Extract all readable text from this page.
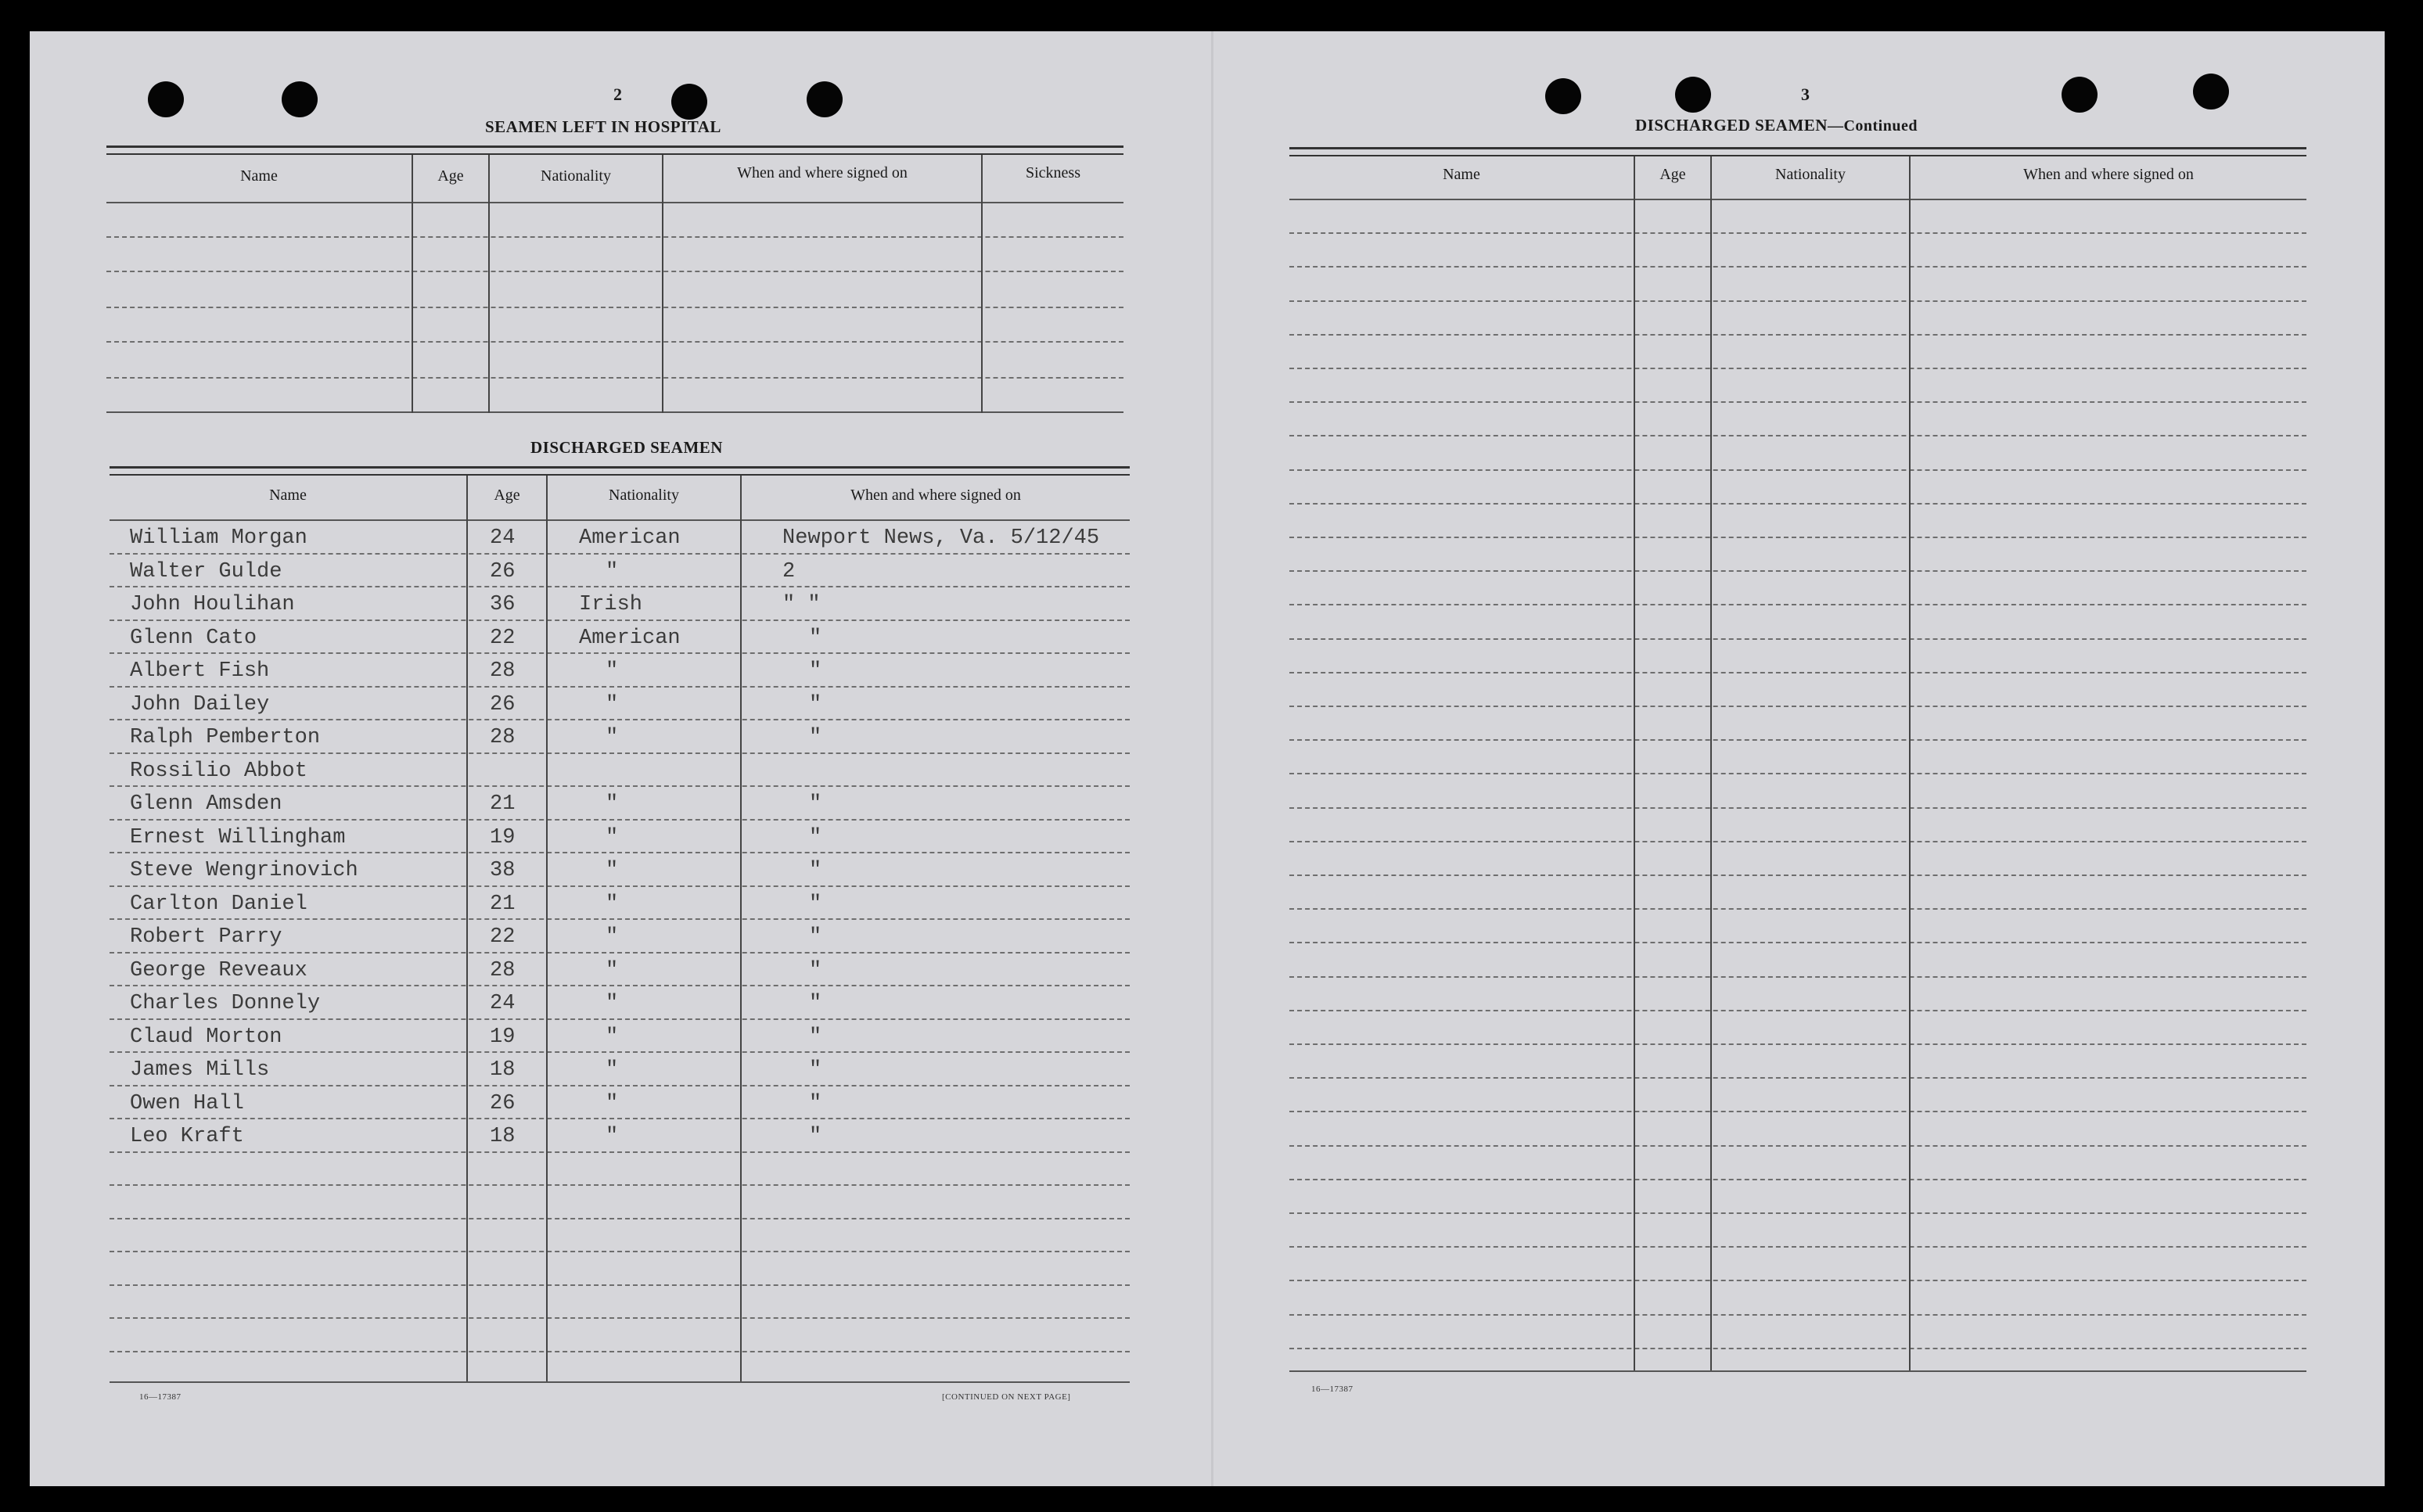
2
SEAMEN LEFT IN HOSPITAL
Name	Age	Nationality	When and where signed on	Sickness
DISCHARGED SEAMEN
Name	Age	Nationality	When and where signed on
William Morgan	24	American	Newport News, Va. 5/12/45
Walter Gulde	26	"	2
John Houlihan	36	Irish	" "
Glenn Cato	22	American	"
Albert Fish	28	"	"
John Dailey	26	"	"
Ralph Pemberton	28	"	"
Rossilio Abbot
Glenn Amsden	21	"	"
Ernest Willingham	19	"	"
Steve Wengrinovich	38	"	"
Carlton Daniel	21	"	"
Robert Parry	22	"	"
George Reveaux	28	"	"
Charles Donnely	24	"	"
Claud Morton	19	"	"
James Mills	18	"	"
Owen Hall	26	"	"
Leo Kraft	18	"	"
16—17387	[CONTINUED ON NEXT PAGE]
3
DISCHARGED SEAMEN—Continued
Name	Age	Nationality	When and where signed on
16—17387
